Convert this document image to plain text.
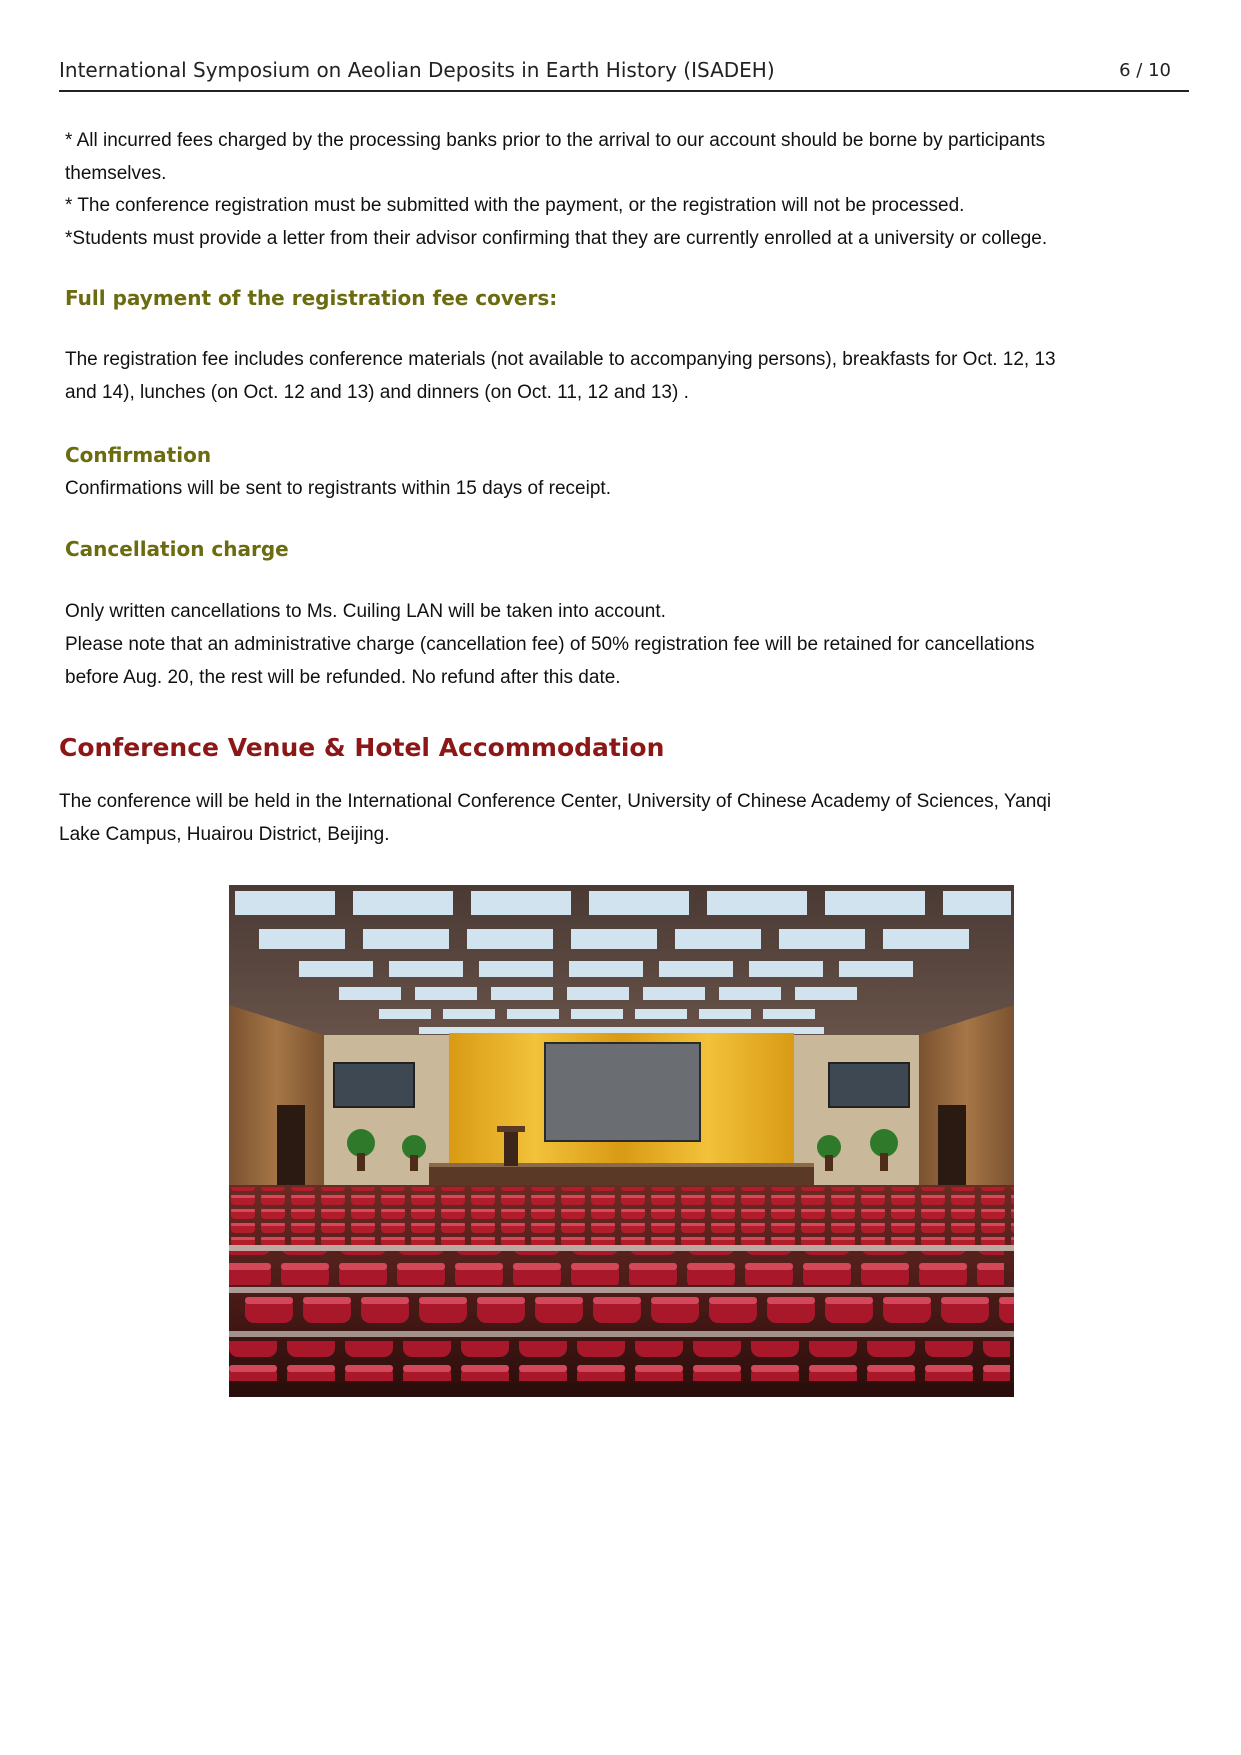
International Symposium on Aeolian Deposits in Earth History (ISADEH)	6 / 10
* All incurred fees charged by the processing banks prior to the arrival to our account should be borne by participants
themselves.
* The conference registration must be submitted with the payment, or the registration will not be processed.
*Students must provide a letter from their advisor confirming that they are currently enrolled at a university or college.
Full payment of the registration fee covers:
The registration fee includes conference materials (not available to accompanying persons), breakfasts for Oct. 12, 13
and 14), lunches (on Oct. 12 and 13) and dinners (on Oct. 11, 12 and 13) .
Confirmation
Confirmations will be sent to registrants within 15 days of receipt.
Cancellation charge
Only written cancellations to Ms. Cuiling LAN will be taken into account.
Please note that an administrative charge (cancellation fee) of 50% registration fee will be retained for cancellations
before Aug. 20, the rest will be refunded. No refund after this date.
Conference Venue & Hotel Accommodation
The conference will be held in the International Conference Center, University of Chinese Academy of Sciences, Yanqi
Lake Campus, Huairou District, Beijing.
